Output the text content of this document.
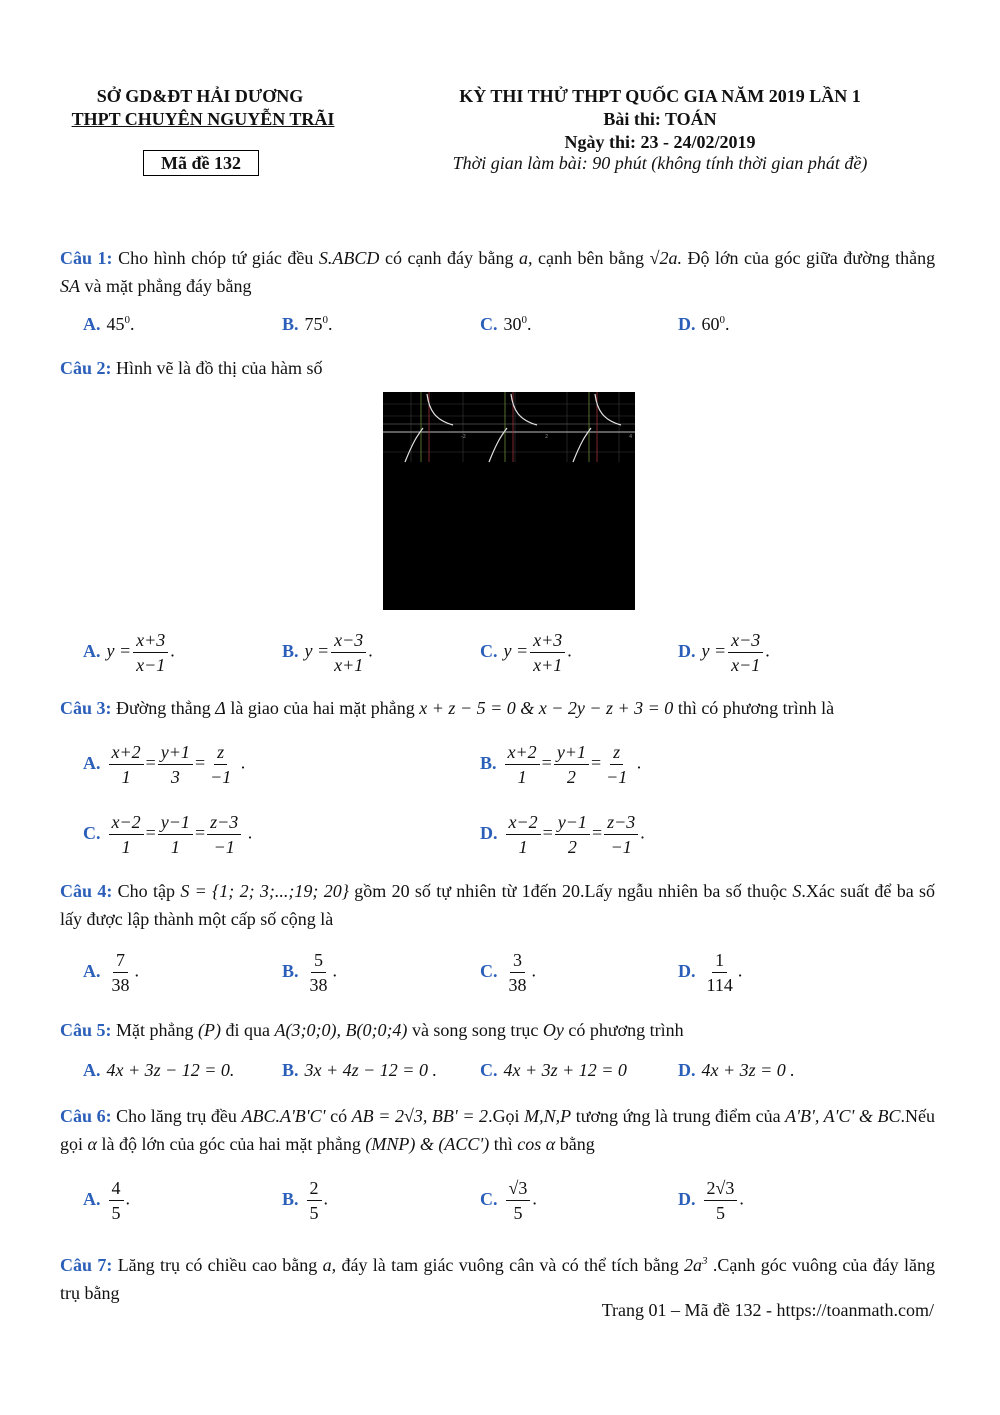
SỞ GD&ĐT HẢI DƯƠNG
THPT CHUYÊN NGUYỄN TRÃI
Mã đề 132
KỲ THI THỬ THPT QUỐC GIA NĂM 2019 LẦN 1
Bài thi: TOÁN
Ngày thi: 23 - 24/02/2019
Thời gian làm bài: 90 phút (không tính thời gian phát đề)
Câu 1: Cho hình chóp tứ giác đều S.ABCD có cạnh đáy bằng a, cạnh bên bằng √2a. Độ lớn của góc giữa đường thẳng SA và mặt phẳng đáy bằng
A. $45^0$.	B. $75^0$.	C. $30^0$.	D. $60^0$.
Câu 2: Hình vẽ là đồ thị của hàm số
-2	2	4
A. $y = \frac{x+3}{x-1}$ .	B. $y = \frac{x-3}{x+1}$ .	C. $y = \frac{x+3}{x+1}$ .	D. $y = \frac{x-3}{x-1}$ .
Câu 3: Đường thẳng Δ là giao của hai mặt phẳng x + z − 5 = 0 & x − 2y − z + 3 = 0 thì có phương trình là
A. $\frac{x+2}{1} = \frac{y+1}{3} = \frac{z}{-1}$ .	B. $\frac{x+2}{1} = \frac{y+1}{2} = \frac{z}{-1}$ .
C. $\frac{x-2}{1} = \frac{y-1}{1} = \frac{z-3}{-1}$ .	D. $\frac{x-2}{1} = \frac{y-1}{2} = \frac{z-3}{-1}$ .
Câu 4: Cho tập S = {1; 2; 3;...;19; 20} gồm 20 số tự nhiên từ 1đến 20.Lấy ngẫu nhiên ba số thuộc S.Xác suất để ba số lấy được lập thành một cấp số cộng là
A. $\frac{7}{38}$ .	B. $\frac{5}{38}$ .	C. $\frac{3}{38}$ .	D. $\frac{1}{114}$ .
Câu 5: Mặt phẳng (P) đi qua A(3;0;0), B(0;0;4) và song song trục Oy có phương trình
A. 4x + 3z − 12 = 0.	B. 3x + 4z − 12 = 0 . C. 4x + 3z + 12 = 0	D. 4x + 3z = 0 .
Câu 6: Cho lăng trụ đều ABC.A'B'C' có AB = 2√3, BB' = 2.Gọi M,N,P tương ứng là trung điểm của A'B', A'C' & BC.Nếu gọi α là độ lớn của góc của hai mặt phẳng (MNP) & (ACC') thì cos α bằng
A. $\frac{4}{5}$ .	B. $\frac{2}{5}$ .	C. $\frac{√3}{5}$ .	D. $\frac{2√3}{5}$ .
Câu 7: Lăng trụ có chiều cao bằng a, đáy là tam giác vuông cân và có thể tích bằng $2a^3$ .Cạnh góc vuông của đáy lăng trụ bằng
Trang 01 – Mã đề 132 - https://toanmath.com/
